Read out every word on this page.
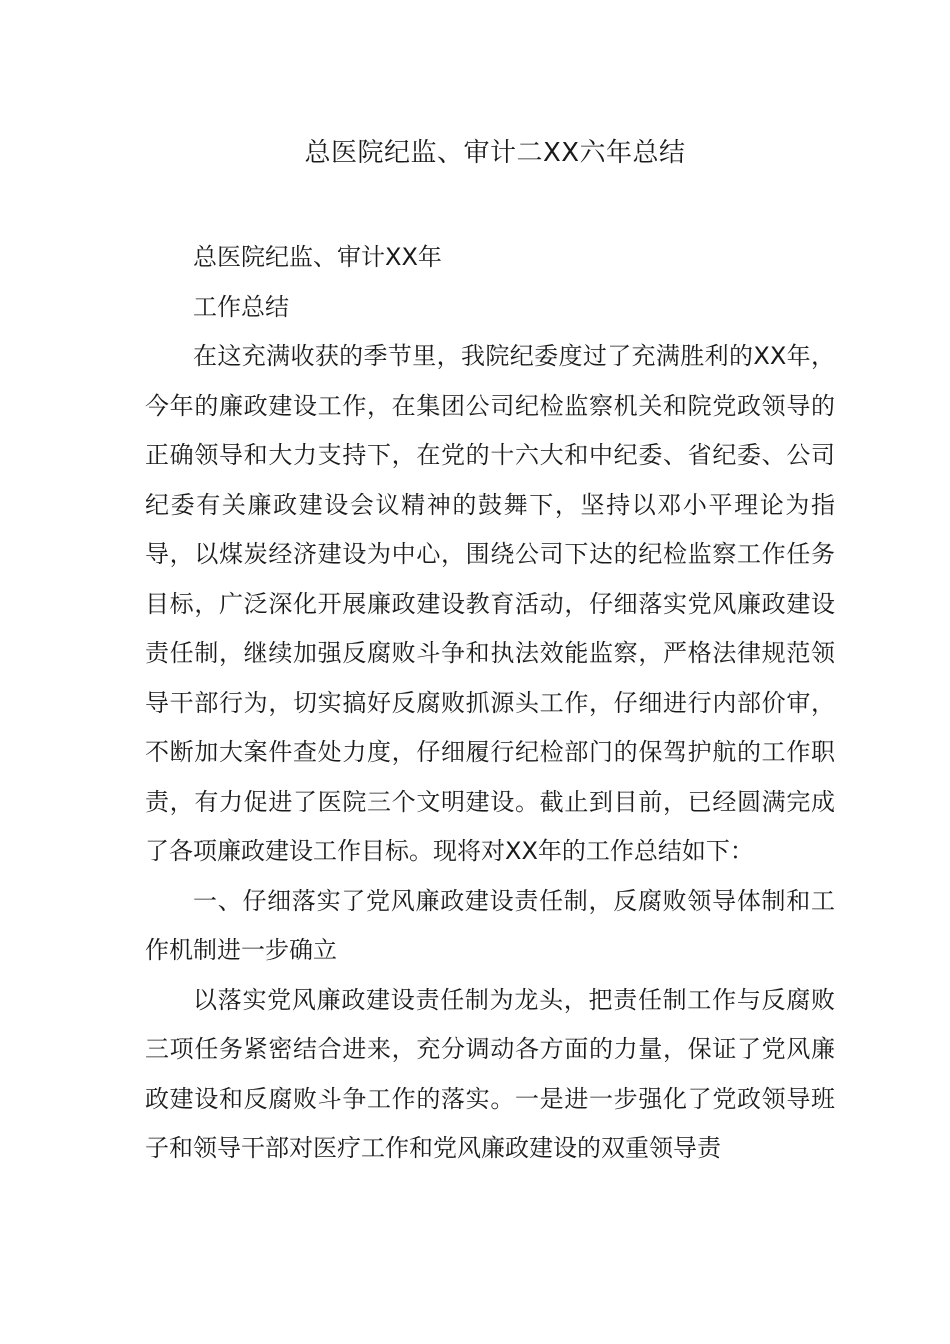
总医院纪监、审计二XX六年总结

总医院纪监、审计XX年

工作总结

在这充满收获的季节里，我院纪委度过了充满胜利的XX年，今年的廉政建设工作，在集团公司纪检监察机关和院党政领导的正确领导和大力支持下，在党的十六大和中纪委、省纪委、公司纪委有关廉政建设会议精神的鼓舞下，坚持以邓小平理论为指导，以煤炭经济建设为中心，围绕公司下达的纪检监察工作任务目标，广泛深化开展廉政建设教育活动，仔细落实党风廉政建设责任制，继续加强反腐败斗争和执法效能监察，严格法律规范领导干部行为，切实搞好反腐败抓源头工作，仔细进行内部价审，不断加大案件查处力度，仔细履行纪检部门的保驾护航的工作职责，有力促进了医院三个文明建设。截止到目前，已经圆满完成了各项廉政建设工作目标。现将对XX年的工作总结如下：

一、仔细落实了党风廉政建设责任制，反腐败领导体制和工作机制进一步确立

以落实党风廉政建设责任制为龙头，把责任制工作与反腐败三项任务紧密结合进来，充分调动各方面的力量，保证了党风廉政建设和反腐败斗争工作的落实。一是进一步强化了党政领导班子和领导干部对医疗工作和党风廉政建设的双重领导责
